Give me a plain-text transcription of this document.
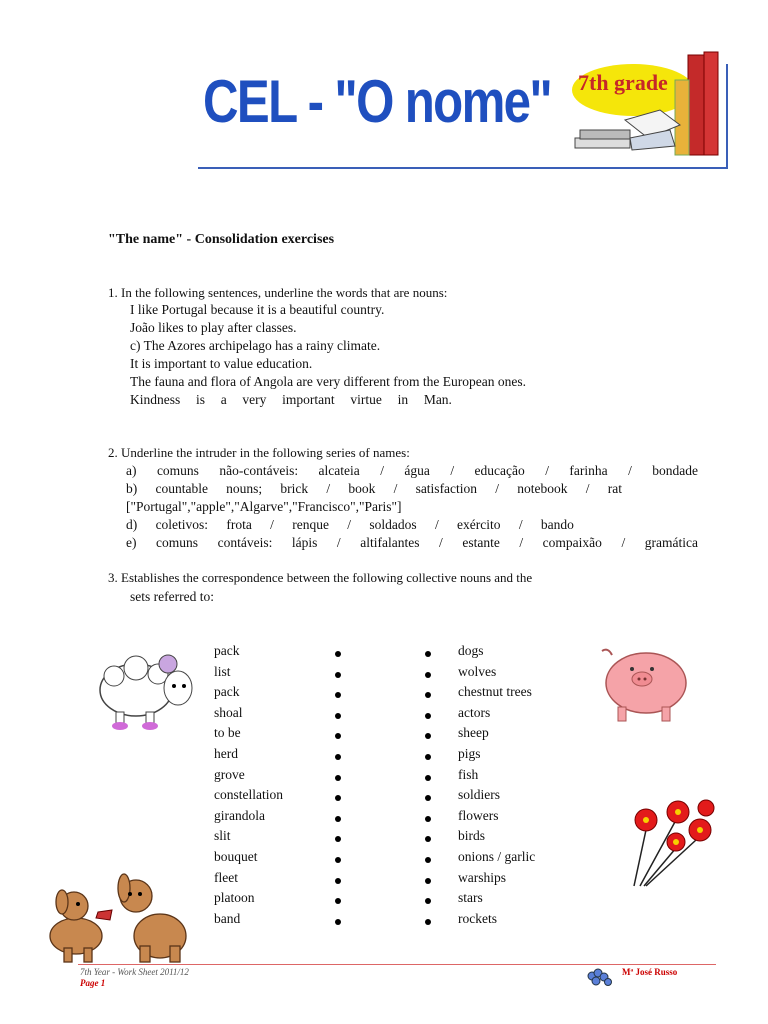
CEL - "O nome" 7th grade
"The name" - Consolidation exercises
1. In the following sentences, underline the words that are nouns:
I like Portugal because it is a beautiful country.
João likes to play after classes.
c) The Azores archipelago has a rainy climate.
It is important to value education.
The fauna and flora of Angola are very different from the European ones.
Kindness is a very important virtue in Man.
2. Underline the intruder in the following series of names:
a) comuns não-contáveis: alcateia / água / educação / farinha / bondade
b) countable nouns; brick / book / satisfaction / notebook / rat
["Portugal","apple","Algarve","Francisco","Paris"]
d) coletivos: frota / renque / soldados / exército / bando
e) comuns contáveis: lápis / altifalantes / estante / compaixão / gramática
3. Establishes the correspondence between the following collective nouns and the
sets referred to:
pack	dogs
list	wolves
pack	chestnut trees
shoal	actors
to be	sheep
herd	pigs
grove	fish
constellation	soldiers
girandola	flowers
slit	birds
bouquet	onions / garlic
fleet	warships
platoon	stars
band	rockets
7th Year - Work Sheet 2011/12
Page 1
Mª José Russo
